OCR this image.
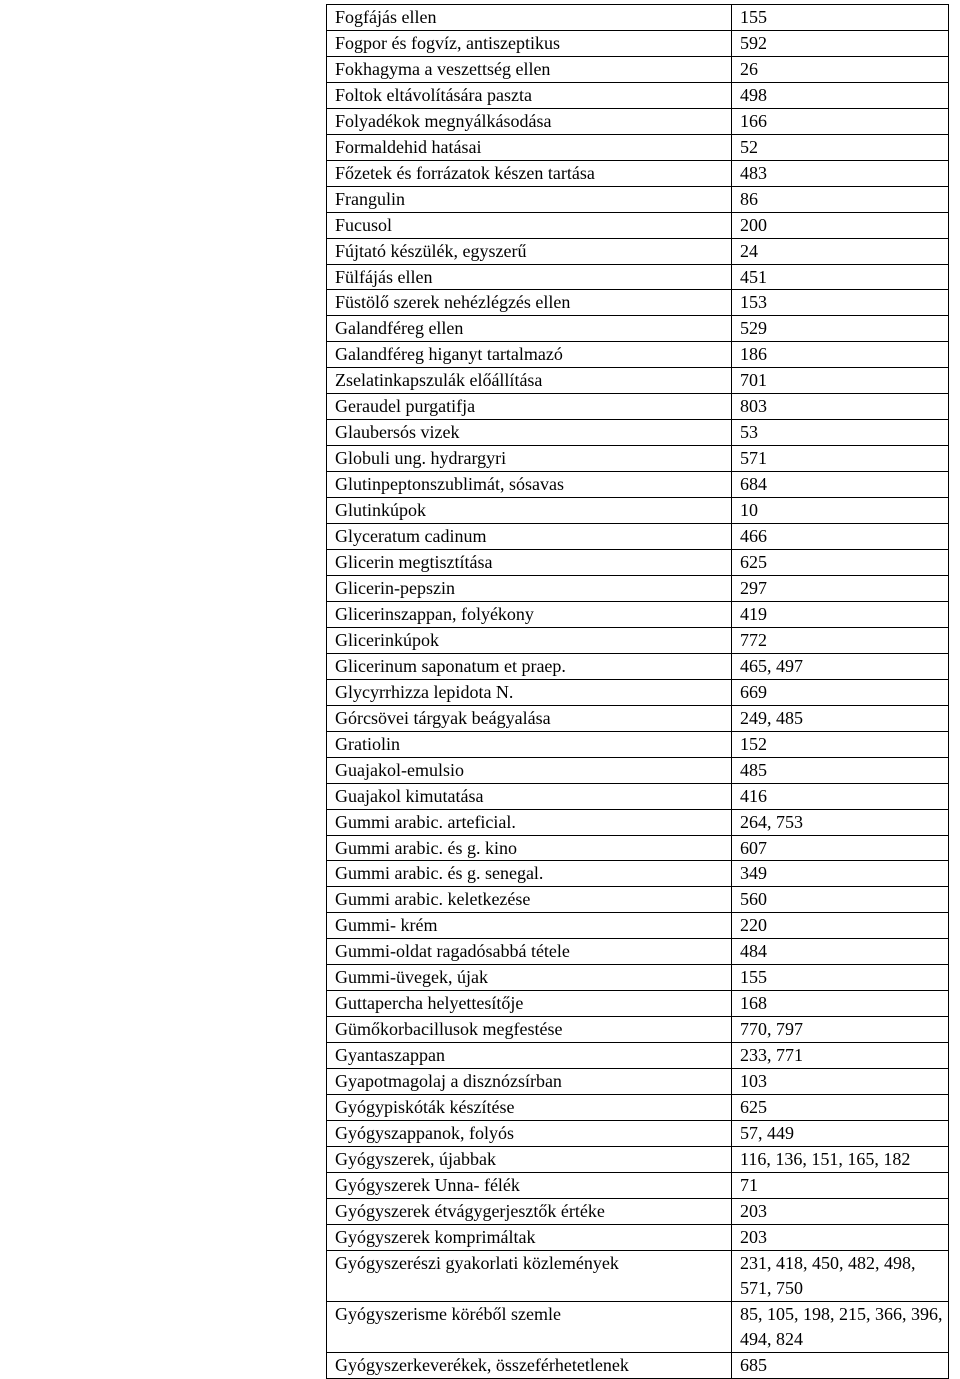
Fogfájás ellen	155
Fogpor és fogvíz, antiszeptikus	592
Fokhagyma a veszettség ellen	26
Foltok eltávolítására paszta	498
Folyadékok megnyálkásodása	166
Formaldehid hatásai	52
Főzetek és forrázatok készen tartása	483
Frangulin	86
Fucusol	200
Fújtató készülék, egyszerű	24
Fülfájás ellen	451
Füstölő szerek nehézlégzés ellen	153
Galandféreg ellen	529
Galandféreg higanyt tartalmazó	186
Zselatinkapszulák előállítása	701
Geraudel purgatifja	803
Glaubersós vizek	53
Globuli ung. hydrargyri	571
Glutinpeptonszublimát, sósavas	684
Glutinkúpok	10
Glyceratum cadinum	466
Glicerin megtisztítása	625
Glicerin-pepszin	297
Glicerinszappan, folyékony	419
Glicerinkúpok	772
Glicerinum saponatum et praep.	465, 497
Glycyrrhizza lepidota N.	669
Górcsövei tárgyak beágyalása	249, 485
Gratiolin	152
Guajakol-emulsio	485
Guajakol kimutatása	416
Gummi arabic. arteficial.	264, 753
Gummi arabic. és g. kino	607
Gummi arabic. és g. senegal.	349
Gummi arabic. keletkezése	560
Gummi- krém	220
Gummi-oldat ragadósabbá tétele	484
Gummi-üvegek, újak	155
Guttapercha helyettesítője	168
Gümőkorbacillusok megfestése	770, 797
Gyantaszappan	233, 771
Gyapotmagolaj a disznózsírban	103
Gyógypiskóták készítése	625
Gyógyszappanok, folyós	57, 449
Gyógyszerek, újabbak	116, 136, 151, 165, 182
Gyógyszerek Unna- félék	71
Gyógyszerek étvágygerjesztők értéke	203
Gyógyszerek komprimáltak	203
Gyógyszerészi gyakorlati közlemények	231, 418, 450, 482, 498, 571, 750
Gyógyszerisme köréből szemle	85, 105, 198, 215, 366, 396, 494, 824
Gyógyszerkeverékek, összeférhetetlenek	685
